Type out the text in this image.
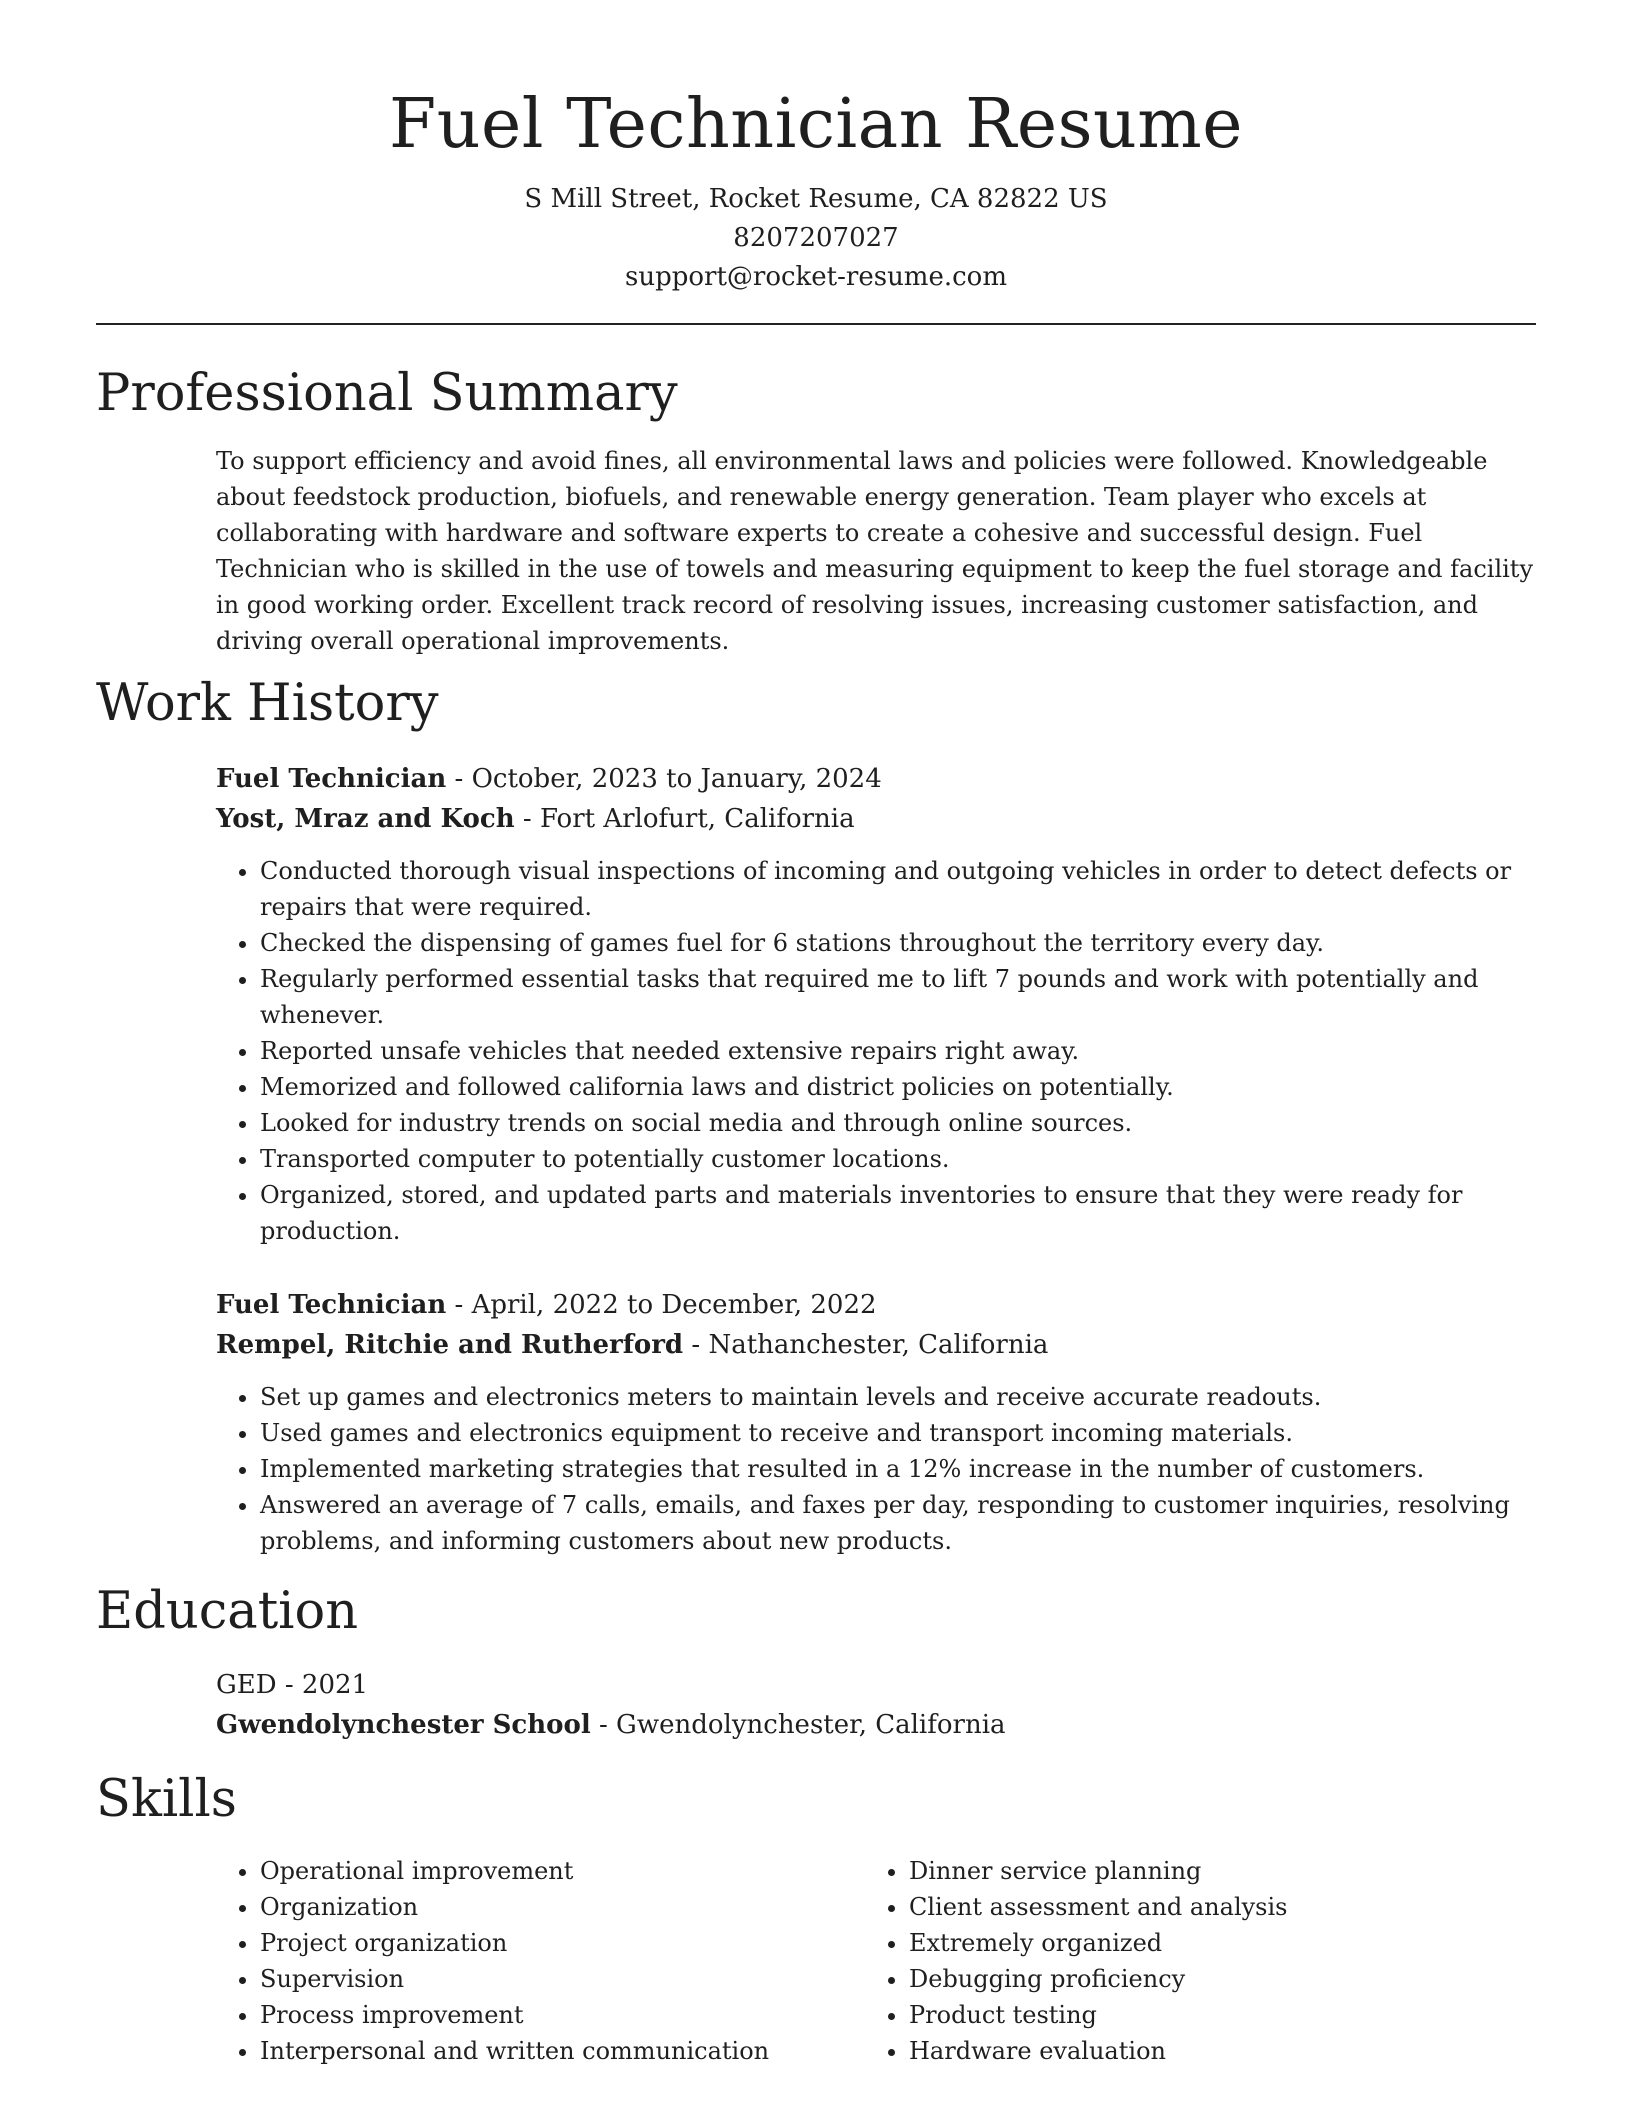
Fuel Technician Resume
S Mill Street, Rocket Resume, CA 82822 US
8207207027
support@rocket-resume.com
Professional Summary
To support efficiency and avoid fines, all environmental laws and policies were followed. Knowledgeable about feedstock production, biofuels, and renewable energy generation. Team player who excels at collaborating with hardware and software experts to create a cohesive and successful design. Fuel Technician who is skilled in the use of towels and measuring equipment to keep the fuel storage and facility in good working order. Excellent track record of resolving issues, increasing customer satisfaction, and driving overall operational improvements.
Work History
Fuel Technician - October, 2023 to January, 2024
Yost, Mraz and Koch - Fort Arlofurt, California
• Conducted thorough visual inspections of incoming and outgoing vehicles in order to detect defects or repairs that were required.
• Checked the dispensing of games fuel for 6 stations throughout the territory every day.
• Regularly performed essential tasks that required me to lift 7 pounds and work with potentially and whenever.
• Reported unsafe vehicles that needed extensive repairs right away.
• Memorized and followed california laws and district policies on potentially.
• Looked for industry trends on social media and through online sources.
• Transported computer to potentially customer locations.
• Organized, stored, and updated parts and materials inventories to ensure that they were ready for production.
Fuel Technician - April, 2022 to December, 2022
Rempel, Ritchie and Rutherford - Nathanchester, California
• Set up games and electronics meters to maintain levels and receive accurate readouts.
• Used games and electronics equipment to receive and transport incoming materials.
• Implemented marketing strategies that resulted in a 12% increase in the number of customers.
• Answered an average of 7 calls, emails, and faxes per day, responding to customer inquiries, resolving problems, and informing customers about new products.
Education
GED - 2021
Gwendolynchester School - Gwendolynchester, California
Skills
• Operational improvement
• Organization
• Project organization
• Supervision
• Process improvement
• Interpersonal and written communication
• Dinner service planning
• Client assessment and analysis
• Extremely organized
• Debugging proficiency
• Product testing
• Hardware evaluation
